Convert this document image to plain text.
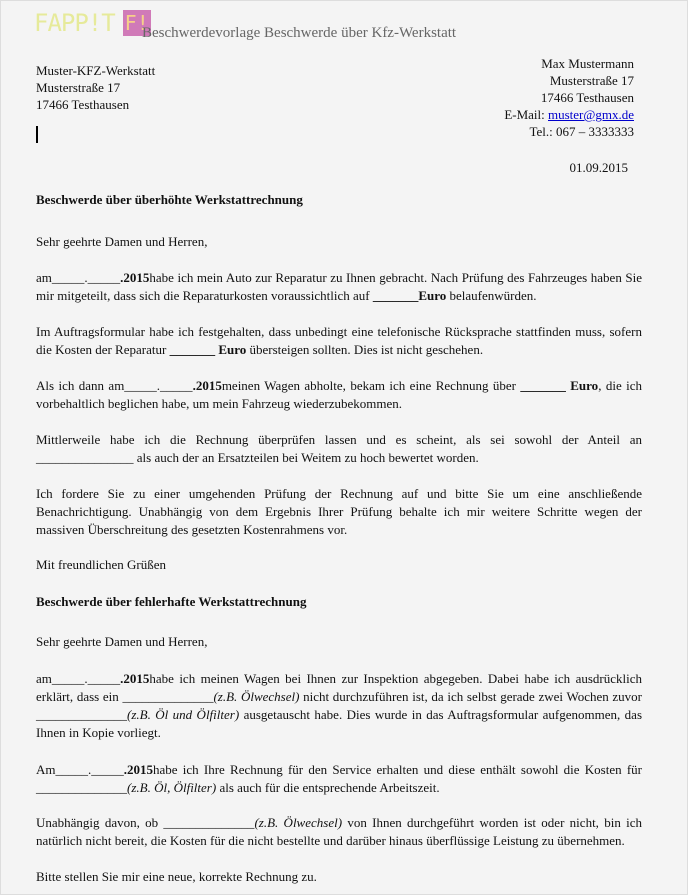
FAPP!T F!
Beschwerdevorlage Beschwerde über Kfz-Werkstatt
Muster-KFZ-Werkstatt
Musterstraße 17
17466 Testhausen
Max Mustermann
Musterstraße 17
17466 Testhausen
E-Mail: muster@gmx.de
Tel.: 067 – 3333333
01.09.2015
Beschwerde über überhöhte Werkstattrechnung
Sehr geehrte Damen und Herren,
am_____._____.2015habe ich mein Auto zur Reparatur zu Ihnen gebracht. Nach Prüfung des Fahrzeuges haben Sie mir mitgeteilt, dass sich die Reparaturkosten voraussichtlich auf _______Euro belaufenwürden.
Im Auftragsformular habe ich festgehalten, dass unbedingt eine telefonische Rücksprache stattfinden muss, sofern die Kosten der Reparatur _______ Euro übersteigen sollten. Dies ist nicht geschehen.
Als ich dann am_____._____.2015meinen Wagen abholte, bekam ich eine Rechnung über _______ Euro, die ich vorbehaltlich beglichen habe, um mein Fahrzeug wiederzubekommen.
Mittlerweile habe ich die Rechnung überprüfen lassen und es scheint, als sei sowohl der Anteil an _______________ als auch der an Ersatzteilen bei Weitem zu hoch bewertet worden.
Ich fordere Sie zu einer umgehenden Prüfung der Rechnung auf und bitte Sie um eine anschließende Benachrichtigung. Unabhängig von dem Ergebnis Ihrer Prüfung behalte ich mir weitere Schritte wegen der massiven Überschreitung des gesetzten Kostenrahmens vor.
Mit freundlichen Grüßen
Beschwerde über fehlerhafte Werkstattrechnung
Sehr geehrte Damen und Herren,
am_____._____.2015habe ich meinen Wagen bei Ihnen zur Inspektion abgegeben. Dabei habe ich ausdrücklich erklärt, dass ein ______________(z.B. Ölwechsel) nicht durchzuführen ist, da ich selbst gerade zwei Wochen zuvor ______________(z.B. Öl und Ölfilter) ausgetauscht habe. Dies wurde in das Auftragsformular aufgenommen, das Ihnen in Kopie vorliegt.
Am_____._____.2015habe ich Ihre Rechnung für den Service erhalten und diese enthält sowohl die Kosten für ______________(z.B. Öl, Ölfilter) als auch für die entsprechende Arbeitszeit.
Unabhängig davon, ob ______________(z.B. Ölwechsel) von Ihnen durchgeführt worden ist oder nicht, bin ich natürlich nicht bereit, die Kosten für die nicht bestellte und darüber hinaus überflüssige Leistung zu übernehmen.
Bitte stellen Sie mir eine neue, korrekte Rechnung zu.
